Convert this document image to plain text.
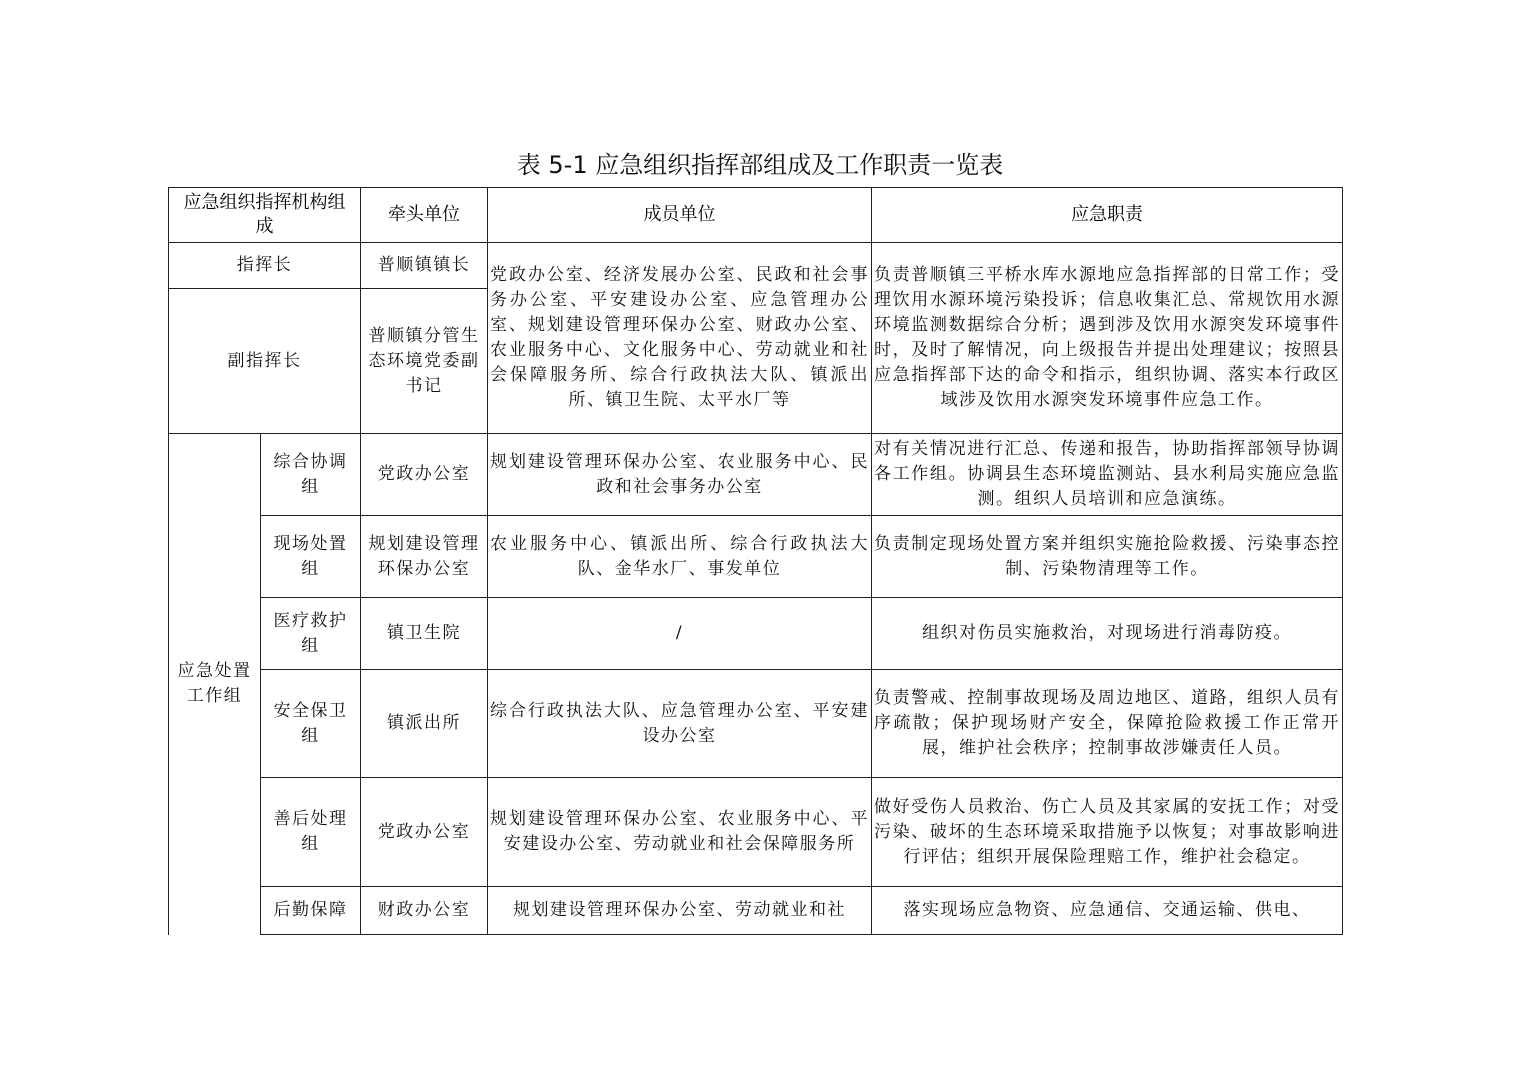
表 5-1 应急组织指挥部组成及工作职责一览表
应急组织指挥机构组成		牵头单位	成员单位	应急职责
指挥长		普顺镇镇长	党政办公室、经济发展办公室、民政和社会事务办公室、平安建设办公室、应急管理办公室、规划建设管理环保办公室、财政办公室、农业服务中心、文化服务中心、劳动就业和社会保障服务所、综合行政执法大队、镇派出所、镇卫生院、太平水厂等	负责普顺镇三平桥水库水源地应急指挥部的日常工作；受理饮用水源环境污染投诉；信息收集汇总、常规饮用水源环境监测数据综合分析；遇到涉及饮用水源突发环境事件时，及时了解情况，向上级报告并提出处理建议；按照县应急指挥部下达的命令和指示，组织协调、落实本行政区域涉及饮用水源突发环境事件应急工作。
副指挥长		普顺镇分管生态环境党委副书记		
应急处置工作组	综合协调组	党政办公室	规划建设管理环保办公室、农业服务中心、民政和社会事务办公室	对有关情况进行汇总、传递和报告，协助指挥部领导协调各工作组。协调县生态环境监测站、县水利局实施应急监测。组织人员培训和应急演练。
	现场处置组	规划建设管理环保办公室	农业服务中心、镇派出所、综合行政执法大队、金华水厂、事发单位	负责制定现场处置方案并组织实施抢险救援、污染事态控制、污染物清理等工作。
	医疗救护组	镇卫生院	/	组织对伤员实施救治，对现场进行消毒防疫。
	安全保卫组	镇派出所	综合行政执法大队、应急管理办公室、平安建设办公室	负责警戒、控制事故现场及周边地区、道路，组织人员有序疏散；保护现场财产安全，保障抢险救援工作正常开展，维护社会秩序；控制事故涉嫌责任人员。
	善后处理组	党政办公室	规划建设管理环保办公室、农业服务中心、平安建设办公室、劳动就业和社会保障服务所	做好受伤人员救治、伤亡人员及其家属的安抚工作；对受污染、破坏的生态环境采取措施予以恢复；对事故影响进行评估；组织开展保险理赔工作，维护社会稳定。
	后勤保障	财政办公室	规划建设管理环保办公室、劳动就业和社	落实现场应急物资、应急通信、交通运输、供电、
